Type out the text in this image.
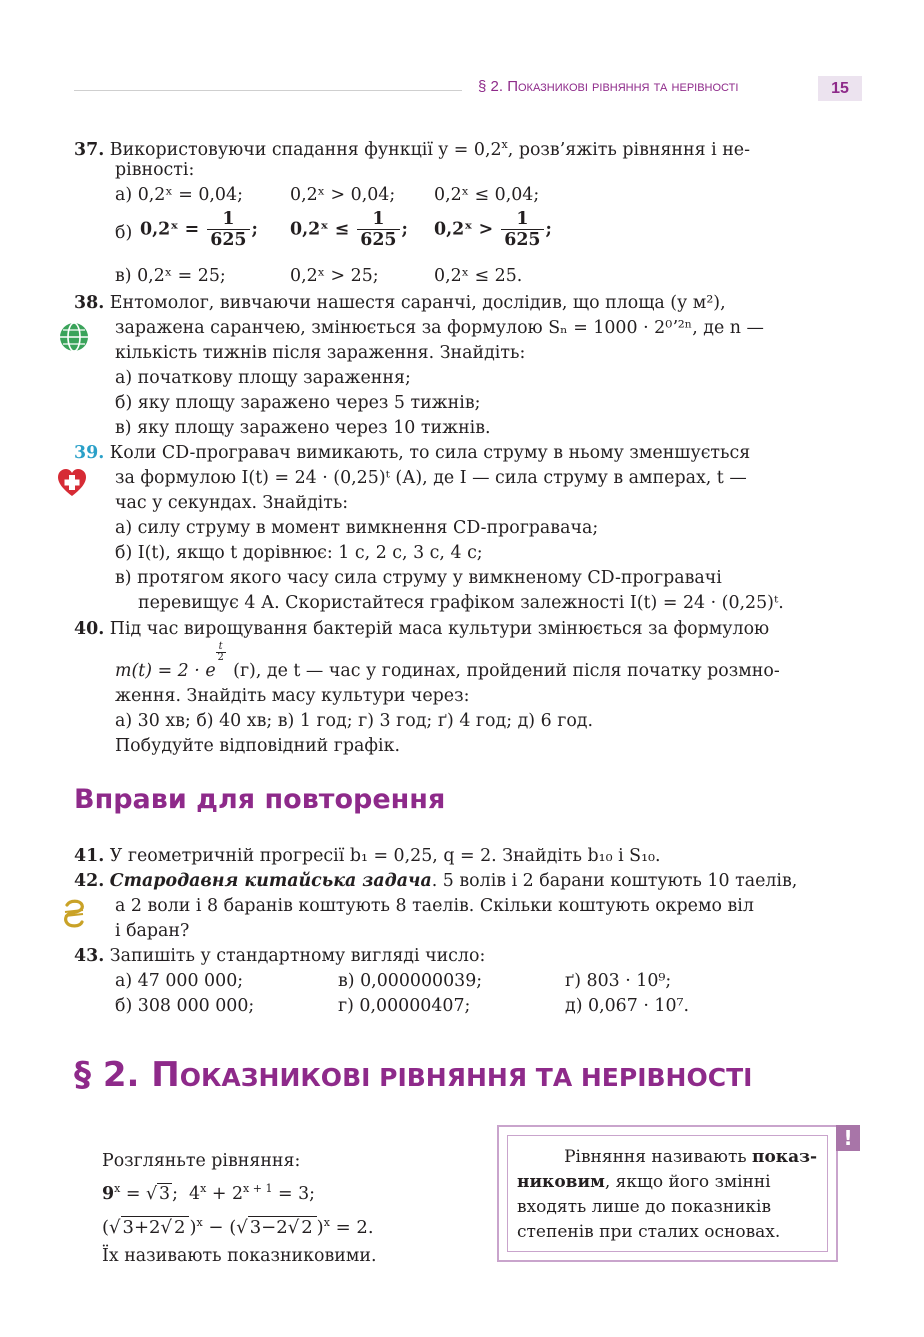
§ 2. Показникові рівняння та нерівності	15
37. Використовуючи спадання функції $y = 0,2^x$, розв’яжіть рівняння і не-
рівності:
а) 0,2ˣ = 0,04;	0,2ˣ > 0,04; 0,2ˣ ≤ 0,04;
б) 0,2ˣ = $\frac{1}{625}$ ; 0,2ˣ ≤ $\frac{1}{625}$ ; 0,2ˣ > $\frac{1}{625}$ ;
в) 0,2ˣ = 25;	0,2ˣ > 25;	0,2ˣ ≤ 25.
38. Ентомолог, вивчаючи нашестя саранчі, дослідив, що площа (у м²),
заражена саранчею, змінюється за формулою Sₙ = 1000 · 2⁰ʼ²ⁿ, де n —
кількість тижнів після зараження. Знайдіть:
а) початкову площу зараження;
б) яку площу заражено через 5 тижнів;
в) яку площу заражено через 10 тижнів.
39. Коли CD-програвач вимикають, то сила струму в ньому зменшується
за формулою I(t) = 24 · (0,25)ᵗ (А), де I — сила струму в амперах, t —
час у секундах. Знайдіть:
а) силу струму в момент вимкнення CD-програвача;
б) I(t), якщо t дорівнює: 1 с, 2 с, 3 с, 4 с;
в) протягом якого часу сила струму у вимкненому CD-програвачі
перевищує 4 А. Скористайтеся графіком залежності I(t) = 24 · (0,25)ᵗ.
40. Під час вирощування бактерій маса культури змінюється за формулою
m(t) = 2 · e
$\frac{t}{2}$
(г), де t — час у годинах, пройдений після початку розмно-
ження. Знайдіть масу культури через:
а) 30 хв; б) 40 хв; в) 1 год; г) 3 год; ґ) 4 год; д) 6 год.
Побудуйте відповідний графік.
Вправи для повторення
41. У геометричній прогресії b₁ = 0,25, q = 2. Знайдіть b₁₀ і S₁₀.
42. Стародавня китайська задача. 5 волів і 2 барани коштують 10 таелів,
а 2 воли і 8 баранів коштують 8 таелів. Скільки коштують окремо віл
і баран?
43. Запишіть у стандартному вигляді число:
а) 47 000 000;	в) 0,000000039;	ґ) 803 · 10⁹;
б) 308 000 000;	г) 0,00000407;	д) 0,067 · 10⁷.
§ 2. ПОКАЗНИКОВІ РІВНЯННЯ ТА НЕРІВНОСТІ
Розгляньте рівняння:
$9^x$ = √ 3 ;  $4^x + 2^{x + 1} = 3$;
(√ 3+2√ 2 )$^x$ − (√ 3−2√ 2 )$^x$ = 2.
Їх називають показниковими.
Рівняння називають показ-
никовим, якщо його змінні
входять лише до показників
степенів при сталих основах.
!
